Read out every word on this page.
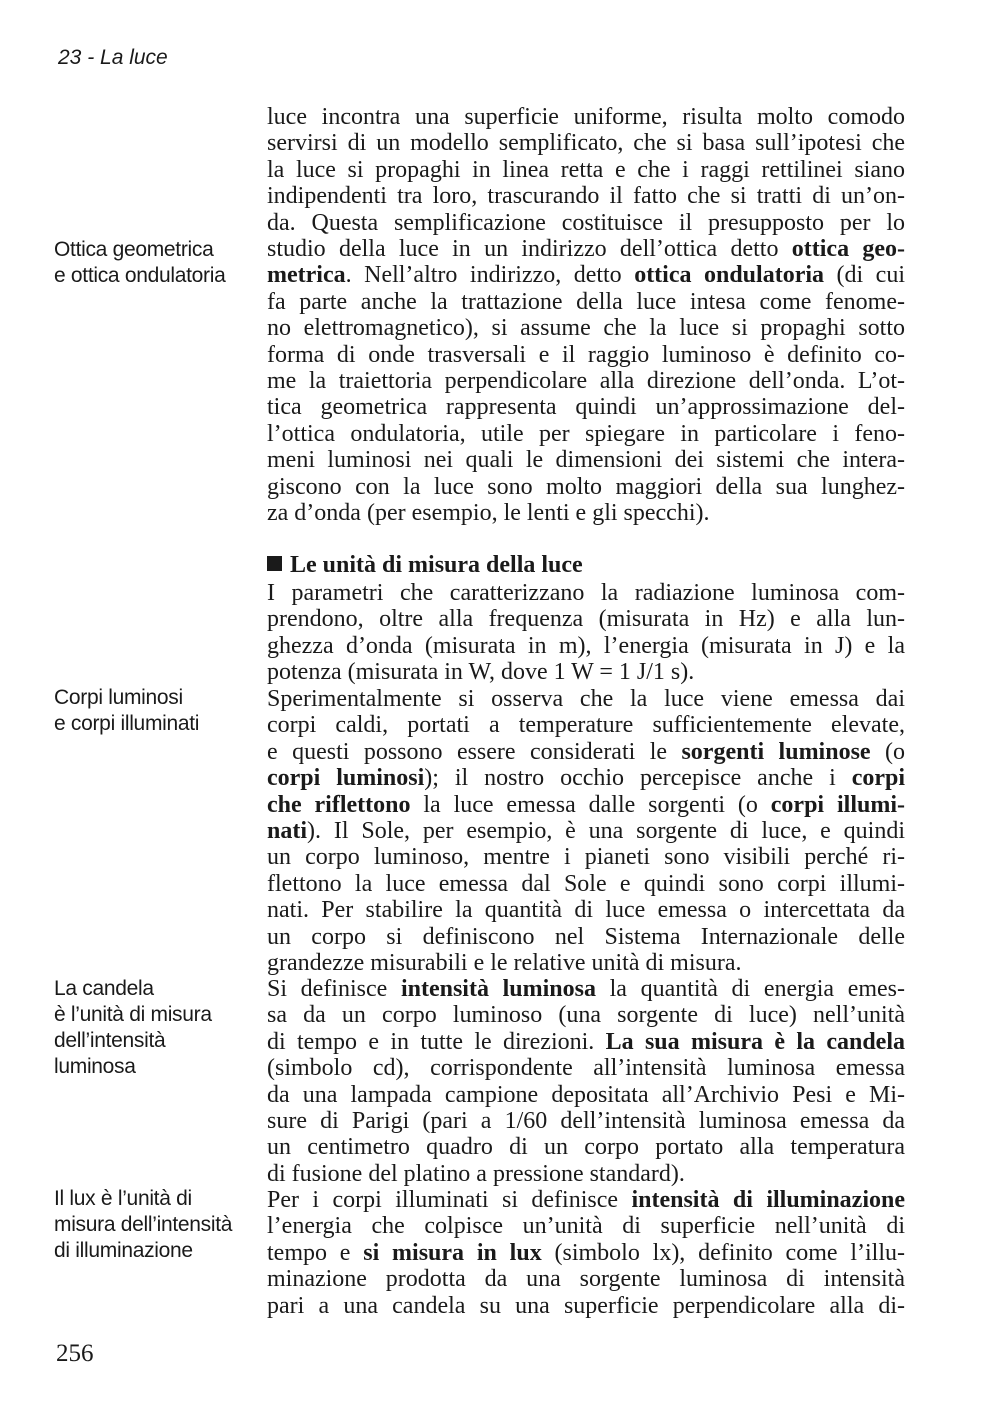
23 - La luce
Ottica geometrica
e ottica ondulatoria
Corpi luminosi
e corpi illuminati
La candela
è l’unità di misura
dell’intensità
luminosa
Il lux è l’unità di
misura dell’intensità
di illuminazione
luce incontra una superficie uniforme, risulta molto comodo
servirsi di un modello semplificato, che si basa sull’ipotesi che
la luce si propaghi in linea retta e che i raggi rettilinei siano
indipendenti tra loro, trascurando il fatto che si tratti di un’on-
da. Questa semplificazione costituisce il presupposto per lo
studio della luce in un indirizzo dell’ottica detto ottica geo-
metrica. Nell’altro indirizzo, detto ottica ondulatoria (di cui
fa parte anche la trattazione della luce intesa come fenome-
no elettromagnetico), si assume che la luce si propaghi sotto
forma di onde trasversali e il raggio luminoso è definito co-
me la traiettoria perpendicolare alla direzione dell’onda. L’ot-
tica geometrica rappresenta quindi un’approssimazione del-
l’ottica ondulatoria, utile per spiegare in particolare i feno-
meni luminosi nei quali le dimensioni dei sistemi che intera-
giscono con la luce sono molto maggiori della sua lunghez-
za d’onda (per esempio, le lenti e gli specchi).
Le unità di misura della luce
I parametri che caratterizzano la radiazione luminosa com-
prendono, oltre alla frequenza (misurata in Hz) e alla lun-
ghezza d’onda (misurata in m), l’energia (misurata in J) e la
potenza (misurata in W, dove 1 W = 1 J/1 s).
Sperimentalmente si osserva che la luce viene emessa dai
corpi caldi, portati a temperature sufficientemente elevate,
e questi possono essere considerati le sorgenti luminose (o
corpi luminosi); il nostro occhio percepisce anche i corpi
che riflettono la luce emessa dalle sorgenti (o corpi illumi-
nati). Il Sole, per esempio, è una sorgente di luce, e quindi
un corpo luminoso, mentre i pianeti sono visibili perché ri-
flettono la luce emessa dal Sole e quindi sono corpi illumi-
nati. Per stabilire la quantità di luce emessa o intercettata da
un corpo si definiscono nel Sistema Internazionale delle
grandezze misurabili e le relative unità di misura.
Si definisce intensità luminosa la quantità di energia emes-
sa da un corpo luminoso (una sorgente di luce) nell’unità
di tempo e in tutte le direzioni. La sua misura è la candela
(simbolo cd), corrispondente all’intensità luminosa emessa
da una lampada campione depositata all’Archivio Pesi e Mi-
sure di Parigi (pari a 1/60 dell’intensità luminosa emessa da
un centimetro quadro di un corpo portato alla temperatura
di fusione del platino a pressione standard).
Per i corpi illuminati si definisce intensità di illuminazione
l’energia che colpisce un’unità di superficie nell’unità di
tempo e si misura in lux (simbolo lx), definito come l’illu-
minazione prodotta da una sorgente luminosa di intensità
pari a una candela su una superficie perpendicolare alla di-
256
